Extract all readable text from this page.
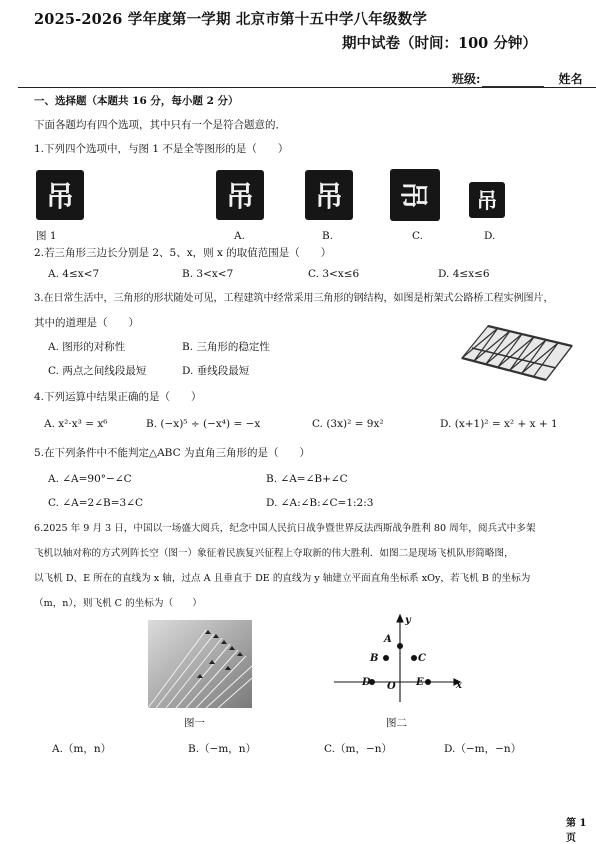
2025-2026 学年度第一学期 北京市第十五中学八年级数学
期中试卷（时间：100 分钟）
班级:	姓名
一、选择题（本题共 16 分，每小题 2 分）
下面各题均有四个选项，其中只有一个是符合题意的．
1.下列四个选项中，与图 1 不是全等图形的是（　　）
吊
图 1
吊	吊	吊	吊
A.	B.	C.	D.
2.若三角形三边长分别是 2、5、x，则 x 的取值范围是（　　）
A. 4≤x<7	B. 3<x<7	C. 3<x≤6	D. 4≤x≤6
3.在日常生活中，三角形的形状随处可见，工程建筑中经常采用三角形的钢结构，如图是桁架式公路桥工程实例图片，
其中的道理是（　　）
A. 图形的对称性	B. 三角形的稳定性
C. 两点之间线段最短	D. 垂线段最短
4.下列运算中结果正确的是（　　）
A. x²·x³ = x⁶	B. (−x)⁵ ÷ (−x⁴) = −x	C. (3x)² = 9x²	D. (x+1)² = x² + x + 1
5.在下列条件中不能判定△ABC 为直角三角形的是（　　）
A. ∠A=90°−∠C	B. ∠A=∠B+∠C
C. ∠A=2∠B=3∠C	D. ∠A:∠B:∠C=1:2:3
6.2025 年 9 月 3 日，中国以一场盛大阅兵，纪念中国人民抗日战争暨世界反法西斯战争胜利 80 周年，阅兵式中多架
飞机以轴对称的方式列阵长空（图一）象征着民族复兴征程上夺取新的伟大胜利．如图二是现场飞机队形简略图，
以飞机 D、E 所在的直线为 x 轴，过点 A 且垂直于 DE 的直线为 y 轴建立平面直角坐标系 xOy，若飞机 B 的坐标为
（m，n），则飞机 C 的坐标为（　　）
图一
A
B	C
D	E
O	x
y
图二
A.（m，n）	B.（−m，n）	C.（m，−n）	D.（−m，−n）
第 1 页
